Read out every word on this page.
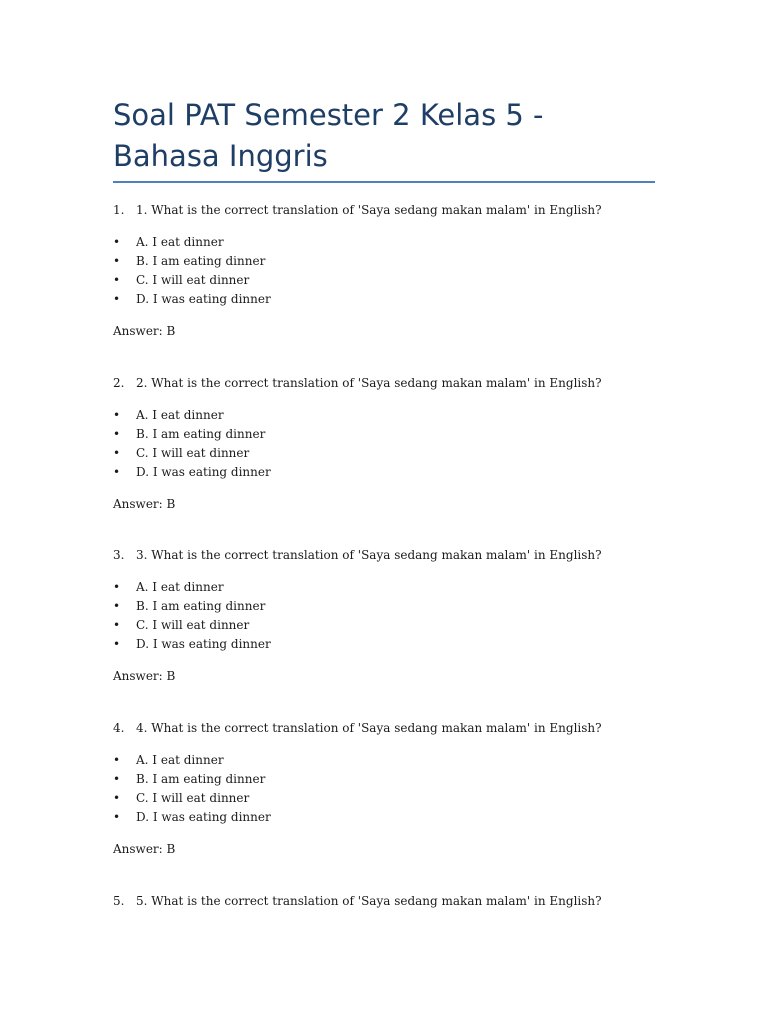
Soal PAT Semester 2 Kelas 5 - Bahasa Inggris

1. 1. What is the correct translation of 'Saya sedang makan malam' in English?

•	A. I eat dinner
•	B. I am eating dinner
•	C. I will eat dinner
•	D. I was eating dinner

Answer: B

2. 2. What is the correct translation of 'Saya sedang makan malam' in English?

•	A. I eat dinner
•	B. I am eating dinner
•	C. I will eat dinner
•	D. I was eating dinner

Answer: B

3. 3. What is the correct translation of 'Saya sedang makan malam' in English?

•	A. I eat dinner
•	B. I am eating dinner
•	C. I will eat dinner
•	D. I was eating dinner

Answer: B

4. 4. What is the correct translation of 'Saya sedang makan malam' in English?

•	A. I eat dinner
•	B. I am eating dinner
•	C. I will eat dinner
•	D. I was eating dinner

Answer: B

5. 5. What is the correct translation of 'Saya sedang makan malam' in English?
